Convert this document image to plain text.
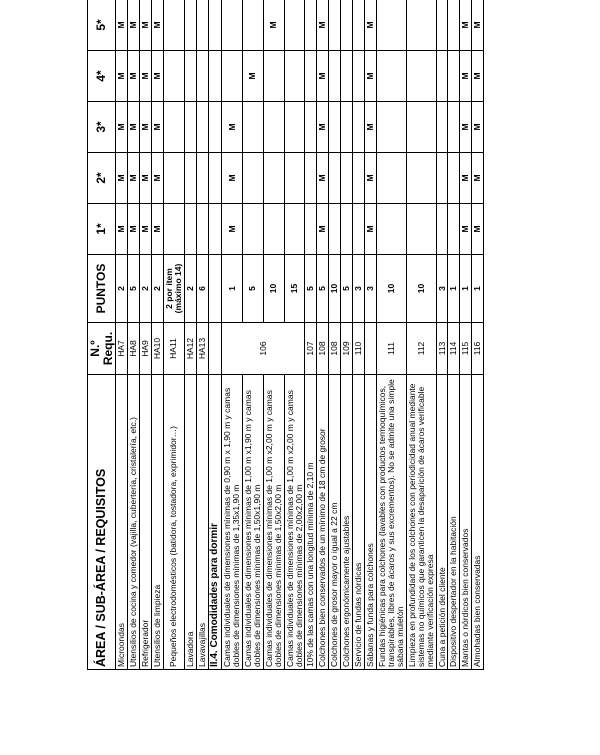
ÁREA / SUB-ÁREA / REQUISITOS	N.º Requ.	PUNTOS	1*	2*	3*	4*	5*
Microondas	HA7	2	M	M	M	M	M
Utensilios de cocina y comedor (vajilla, cubertería, cristalería, etc.)	HA8	5	M	M	M	M	M
Refrigerador	HA9	2	M	M	M	M	M
Utensilios de limpieza	HA10	2	M	M	M	M	M
Pequeños electrodomésticos (batidora, tostadora, exprimidor…)	HA11	2 por ítem (máximo 14)					
Lavadora	HA12	2					
Lavavajillas	HA13	6					
II.4. Comodidades para dormir							
Camas individuales de dimensiones mínimas de 0,90 m x 1,90 m y camas dobles de dimensiones mínimas de 1,35x1,90 m	106	1	M	M	M		
Camas individuales de dimensiones mínimas de 1,00 m x1,90 m y camas dobles de dimensiones mínimas de 1,50x1,90 m		5				M	
Camas individuales de dimensiones mínimas de 1,00 m x2,00 m y camas dobles de dimensiones mínimas de 1,50x2,00 m		10					M
Camas individuales de dimensiones mínimas de 1,00 m x2,00 m y camas dobles de dimensiones mínimas de 2,00x2,00 m		15					
10% de las camas con una longitud mínima de 2,10 m	107	5					
Colchones bien conservados de un mínimo de 18 cm de grosor	108	5	M	M	M	M	M
Colchones de grosor mayor o igual a 22 cm	108	10					
Colchones ergonómicamente ajustables	109	5					
Servicio de fundas nórdicas	110	3					
Sábanas y funda para colchones		3	M	M	M	M	M
Fundas higiénicas para colchones (lavables con productos termoquímicos, transpirables, libres de ácaros y sus excrementos). No se admite una simple sábana muletón	111	10					
Limpieza en profundidad de los colchones con periodicidad anual mediante sistemas no químicos que garanticen la desaparición de ácaros verificable mediante verificación expresa	112	10					
Cuna a petición del cliente	113	3					
Dispositivo despertador en la habitación	114	1					
Mantas o nórdicos bien conservados	115	1	M	M	M	M	M
Almohadas bien conservadas	116	1	M	M	M	M	M
